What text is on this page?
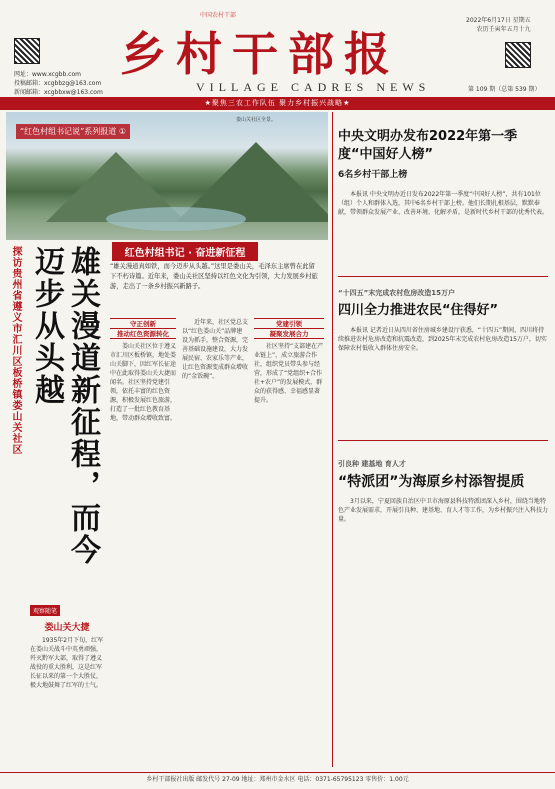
网址：www.xcgbb.com
投稿邮箱：xcgbbzg@163.com
新闻邮箱：xcgbbxw@163.com
中国农村干部
乡村干部报
VILLAGE CADRES NEWS
2022年6月17日 星期五
农历壬寅年五月十九
第 109 期（总第 539 期）
★聚焦三农工作队伍 聚力乡村振兴战略★
“红色村组书记说”系列报道 ①
娄山关社区全景。
探访贵州省遵义市汇川区板桥镇娄山关社区	雄关漫道新征程，而今迈步从头越	红色村组书记 · 奋进新征程
“雄关漫道真如铁，而今迈步从头越。”这里是娄山关，毛泽东主席曾在此留下不朽诗篇。近年来，娄山关社区坚持以红色文化为引领，大力发展乡村旅游，走出了一条乡村振兴新路子。
守正创新
推动红色资源转化
娄山关社区位于遵义市汇川区板桥镇，地处娄山关脚下，因红军长征途中在此取得娄山关大捷而闻名。社区坚持党建引领，依托丰富的红色资源，积极发展红色旅游，打造了一批红色教育基地，带动群众增收致富。
近年来，社区党总支以“红色娄山关”品牌建设为抓手，整合资源，完善基础设施建设，大力发展民宿、农家乐等产业，让红色资源变成群众增收的“金饭碗”。
党建引领
凝聚发展合力
社区坚持“支部建在产业链上”，成立旅游合作社，组织党员带头参与经营，形成了“党组织+合作社+农户”的发展模式，群众的获得感、幸福感显著提升。
观察随笔
娄山关大捷
1935年2月下旬，红军在娄山关战斗中英勇顽强，歼灭黔军大部，取得了遵义战役的重大胜利，这是红军长征以来的第一个大胜仗，极大地鼓舞了红军的士气。
中央文明办发布2022年第一季度“中国好人榜”
6名乡村干部上榜
本报讯 中央文明办近日发布2022年第一季度“中国好人榜”，共有101位（组）个人和群体入选，其中6名乡村干部上榜。他们长期扎根基层，默默奉献，带领群众发展产业、改善环境、化解矛盾，是新时代乡村干部的优秀代表。
“十四五”末完成农村危房改造15万户
四川全力推进农民“住得好”
本报讯 记者近日从四川省住房城乡建设厅获悉，“十四五”期间，四川将持续推进农村危房改造和抗震改造，到2025年末完成农村危房改造15万户，切实保障农村低收入群体住房安全。
引良种 建基地 育人才
“特派团”为海原乡村添智提质
3月以来，宁夏回族自治区中卫市海原县科技特派团深入乡村，围绕当地特色产业发展需求，开展引良种、建基地、育人才等工作，为乡村振兴注入科技力量。
乡村干部报社出版 邮发代号 27-09 地址：郑州市金水区 电话：0371-65795123 零售价：1.00元
